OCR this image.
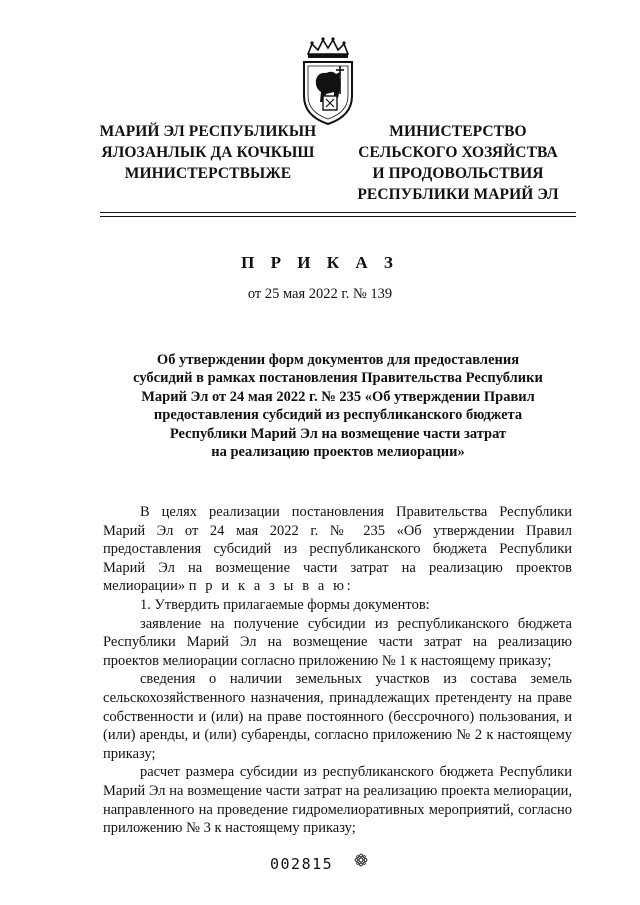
МАРИЙ ЭЛ РЕСПУБЛИКЫН
ЯЛОЗАНЛЫК ДА КОЧКЫШ
МИНИСТЕРСТВЫЖЕ
МИНИСТЕРСТВО
СЕЛЬСКОГО ХОЗЯЙСТВА
И ПРОДОВОЛЬСТВИЯ
РЕСПУБЛИКИ МАРИЙ ЭЛ
П Р И К А З
от 25 мая 2022 г. № 139
Об утверждении форм документов для предоставления
субсидий в рамках постановления Правительства Республики
Марий Эл от 24 мая 2022 г. № 235 «Об утверждении Правил
предоставления субсидий из республиканского бюджета
Республики Марий Эл на возмещение части затрат
на реализацию проектов мелиорации»

В целях реализации постановления Правительства Республики Марий Эл от 24 мая 2022 г. № 235 «Об утверждении Правил предоставления субсидий из республиканского бюджета Республики Марий Эл на возмещение части затрат на реализацию проектов мелиорации» п р и к а з ы в а ю:

1. Утвердить прилагаемые формы документов:

заявление на получение субсидии из республиканского бюджета Республики Марий Эл на возмещение части затрат на реализацию проектов мелиорации согласно приложению № 1 к настоящему приказу;

сведения о наличии земельных участков из состава земель сельскохозяйственного назначения, принадлежащих претенденту на праве собственности и (или) на праве постоянного (бессрочного) пользования, и (или) аренды, и (или) субаренды, согласно приложению № 2 к настоящему приказу;

расчет размера субсидии из республиканского бюджета Республики Марий Эл на возмещение части затрат на реализацию проекта мелиорации, направленного на проведение гидромелиоративных мероприятий, согласно приложению № 3 к настоящему приказу;

002815
